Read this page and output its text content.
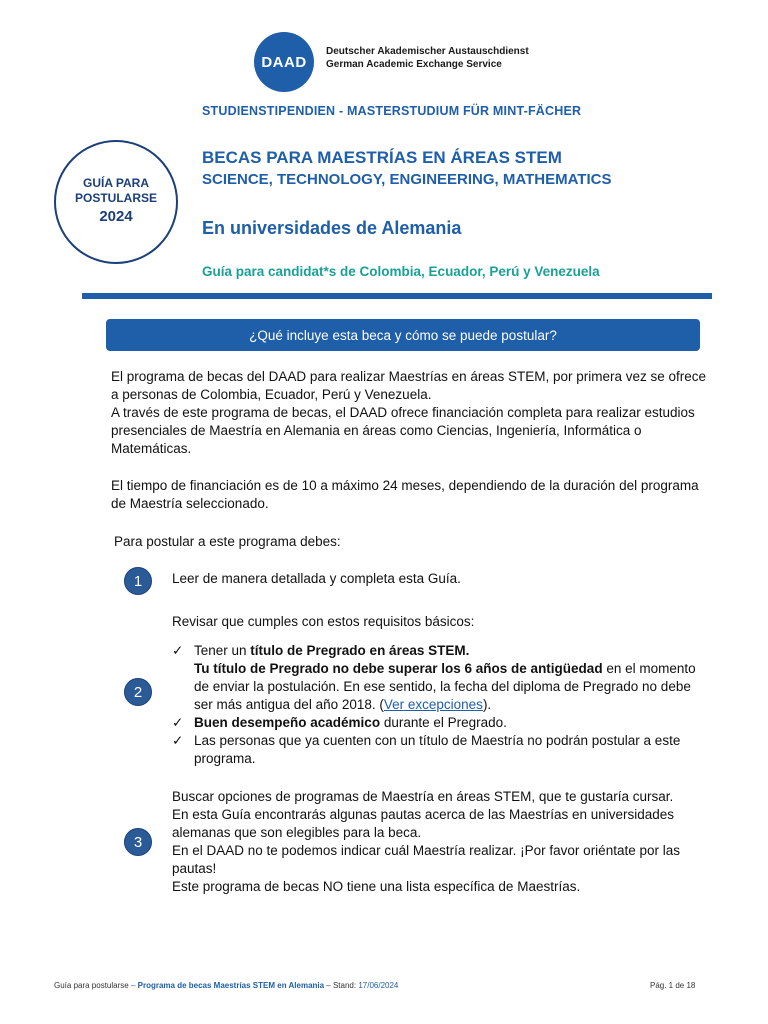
DAAD
Deutscher Akademischer Austauschdienst
German Academic Exchange Service
STUDIENSTIPENDIEN - MASTERSTUDIUM FÜR MINT-FÄCHER
GUÍA PARA
POSTULARSE
2024
BECAS PARA MAESTRÍAS EN ÁREAS STEM
SCIENCE, TECHNOLOGY, ENGINEERING, MATHEMATICS
En universidades de Alemania
Guía para candidat*s de Colombia, Ecuador, Perú y Venezuela
¿Qué incluye esta beca y cómo se puede postular?
El programa de becas del DAAD para realizar Maestrías en áreas STEM, por primera vez se ofrece a personas de Colombia, Ecuador, Perú y Venezuela.
A través de este programa de becas, el DAAD ofrece financiación completa para realizar estudios presenciales de Maestría en Alemania en áreas como Ciencias, Ingeniería, Informática o Matemáticas.
El tiempo de financiación es de 10 a máximo 24 meses, dependiendo de la duración del programa de Maestría seleccionado.
Para postular a este programa debes:
1	Leer de manera detallada y completa esta Guía.
Revisar que cumples con estos requisitos básicos:
2
✓ Tener un título de Pregrado en áreas STEM.
Tu título de Pregrado no debe superar los 6 años de antigüedad en el momento de enviar la postulación. En ese sentido, la fecha del diploma de Pregrado no debe ser más antigua del año 2018. (Ver excepciones).
✓ Buen desempeño académico durante el Pregrado.
✓ Las personas que ya cuenten con un título de Maestría no podrán postular a este programa.
3
Buscar opciones de programas de Maestría en áreas STEM, que te gustaría cursar.
En esta Guía encontrarás algunas pautas acerca de las Maestrías en universidades alemanas que son elegibles para la beca.
En el DAAD no te podemos indicar cuál Maestría realizar. ¡Por favor oriéntate por las pautas!
Este programa de becas NO tiene una lista específica de Maestrías.
Guía para postularse – Programa de becas Maestrías STEM en Alemania – Stand: 17/06/2024	Pág. 1 de 18
